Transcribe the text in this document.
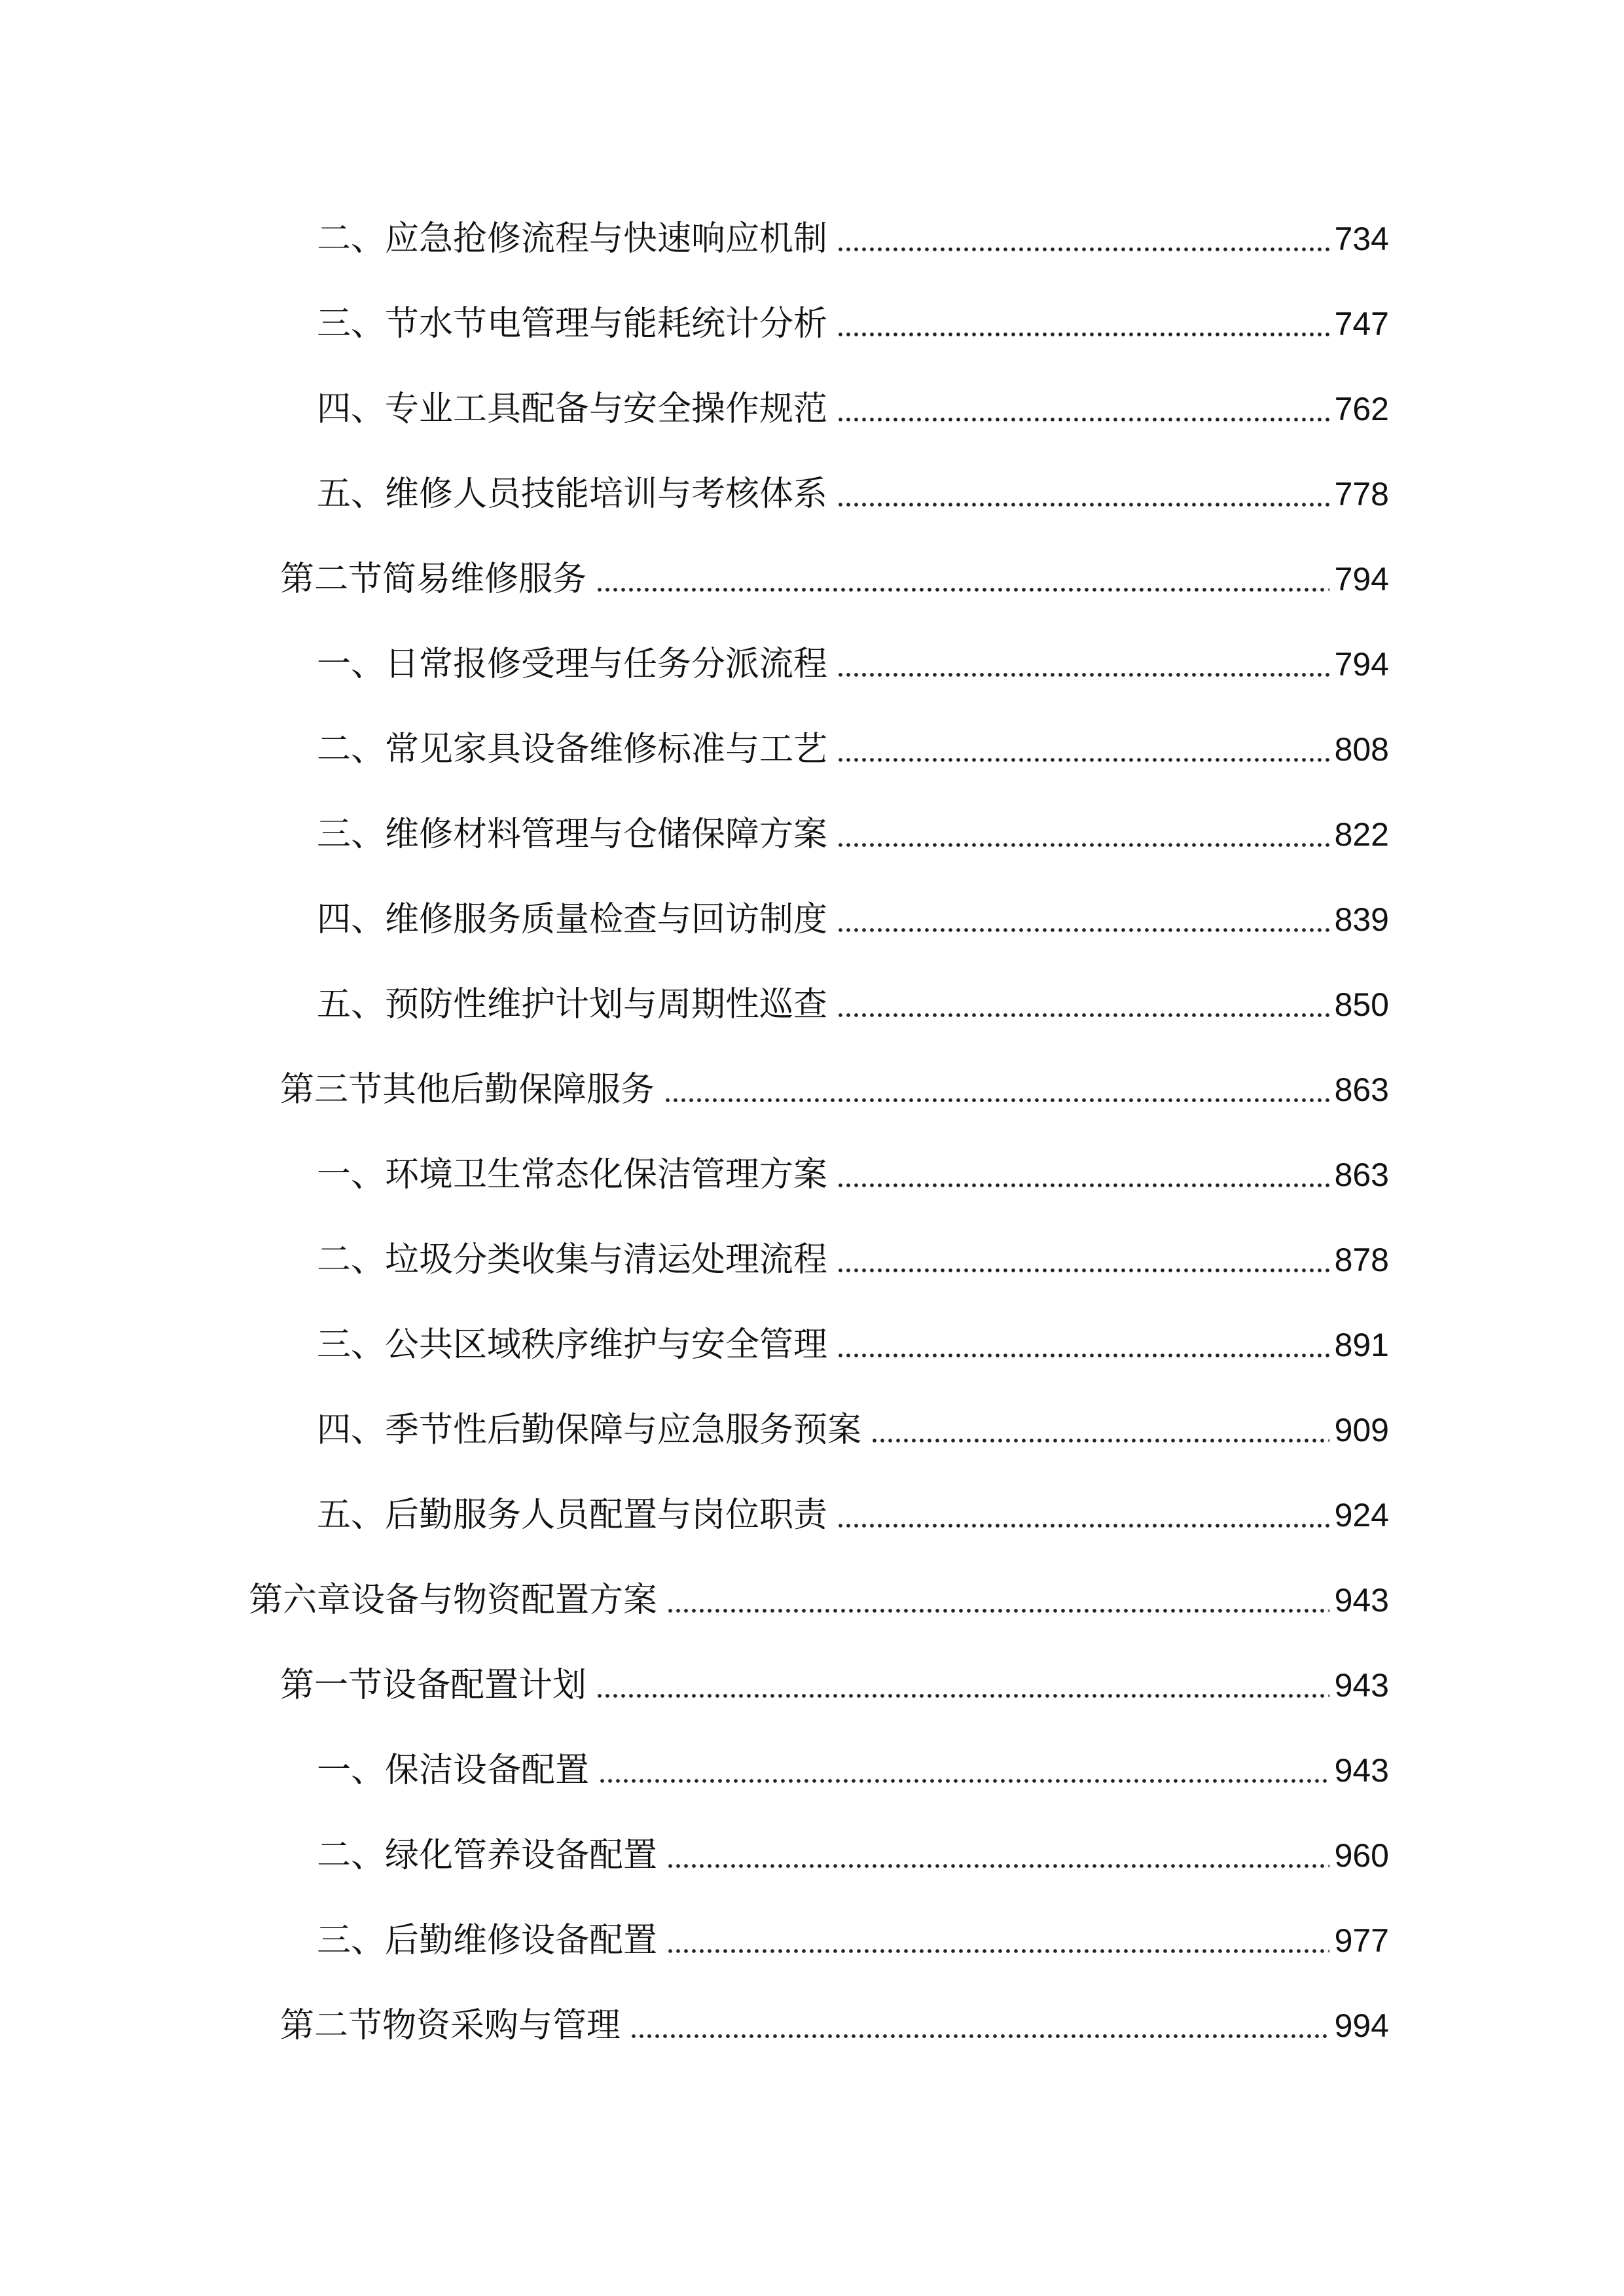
二、应急抢修流程与快速响应机制	734
三、节水节电管理与能耗统计分析	747
四、专业工具配备与安全操作规范	762
五、维修人员技能培训与考核体系	778
第二节简易维修服务	794
一、日常报修受理与任务分派流程	794
二、常见家具设备维修标准与工艺	808
三、维修材料管理与仓储保障方案	822
四、维修服务质量检查与回访制度	839
五、预防性维护计划与周期性巡查	850
第三节其他后勤保障服务	863
一、环境卫生常态化保洁管理方案	863
二、垃圾分类收集与清运处理流程	878
三、公共区域秩序维护与安全管理	891
四、季节性后勤保障与应急服务预案	909
五、后勤服务人员配置与岗位职责	924
第六章设备与物资配置方案	943
第一节设备配置计划	943
一、保洁设备配置	943
二、绿化管养设备配置	960
三、后勤维修设备配置	977
第二节物资采购与管理	994
